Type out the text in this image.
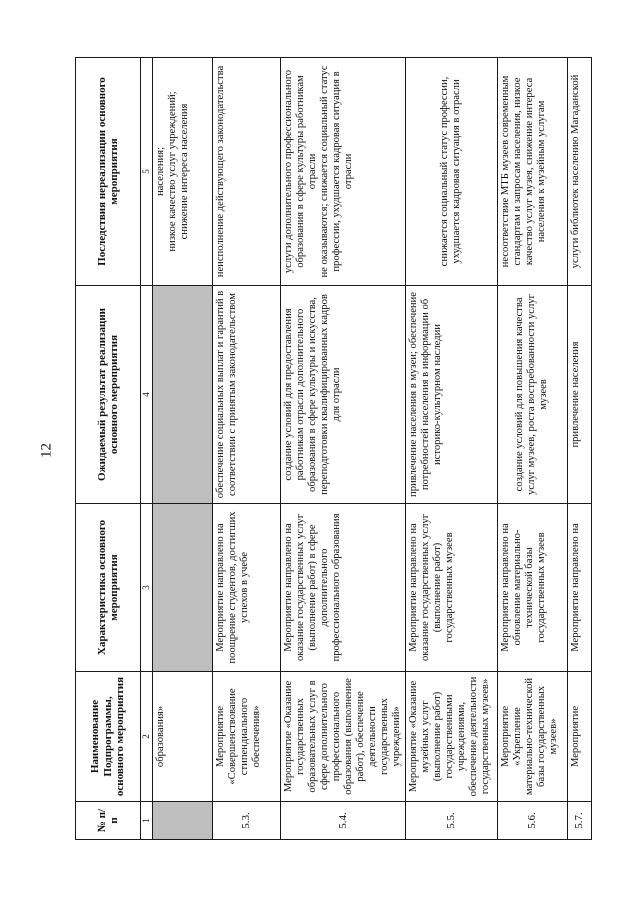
12
№ п/п	Наименование Подпрограммы, основного мероприятия	Характеристика основного мероприятия	Ожидаемый результат реализации основного мероприятия	Последствия нереализации основного мероприятия
1	2	3	4	5
	образования»			населения; низкое качество услуг учреждений; снижение интереса населения

5.3.	Мероприятие «Совершенствование стипендиального обеспечения»	Мероприятие направлено на поощрение студентов, достигших успехов в учебе	обеспечение социальных выплат и гарантий в соответствии с принятым законодательством	неисполнение действующего законодательства

5.4.	Мероприятие «Оказание государственных образовательных услуг в сфере дополнительного профессионального образования (выполнение работ), обеспечение деятельности государственных учреждений»	Мероприятие направлено на оказание государственных услуг (выполнение работ) в сфере дополнительного профессионального образования	создание условий для предоставления работникам отрасли дополнительного образования в сфере культуры и искусства, переподготовки квалифицированных кадров для отрасли	услуги дополнительного профессионального образования в сфере культуры работникам отрасли не оказываются; снижается социальный статус профессии, ухудшается кадровая ситуация в отрасли

5.5.	Мероприятие «Оказание музейных услуг (выполнение работ) государственными учреждениями, обеспечение деятельности государственных музеев»	Мероприятие направлено на оказание государственных услуг (выполнение работ) государственных музеев	привлечение населения в музеи; обеспечение потребностей населения в информации об историко-культурном наследии	снижается социальный статус профессии, ухудшается кадровая ситуация в отрасли

5.6.	Мероприятие «Укрепление материально-технической базы государственных музеев»	Мероприятие направлено на обновление материально-технической базы государственных музеев	создание условий для повышения качества услуг музеев, роста востребованности услуг музеев	несоответствие МТБ музеев современным стандартам и запросам населения, низкое качество услуг музея, снижение интереса населения к музейным услугам

5.7.	Мероприятие	Мероприятие направлено на	привлечение населения	услуги библиотек населению Магаданской
